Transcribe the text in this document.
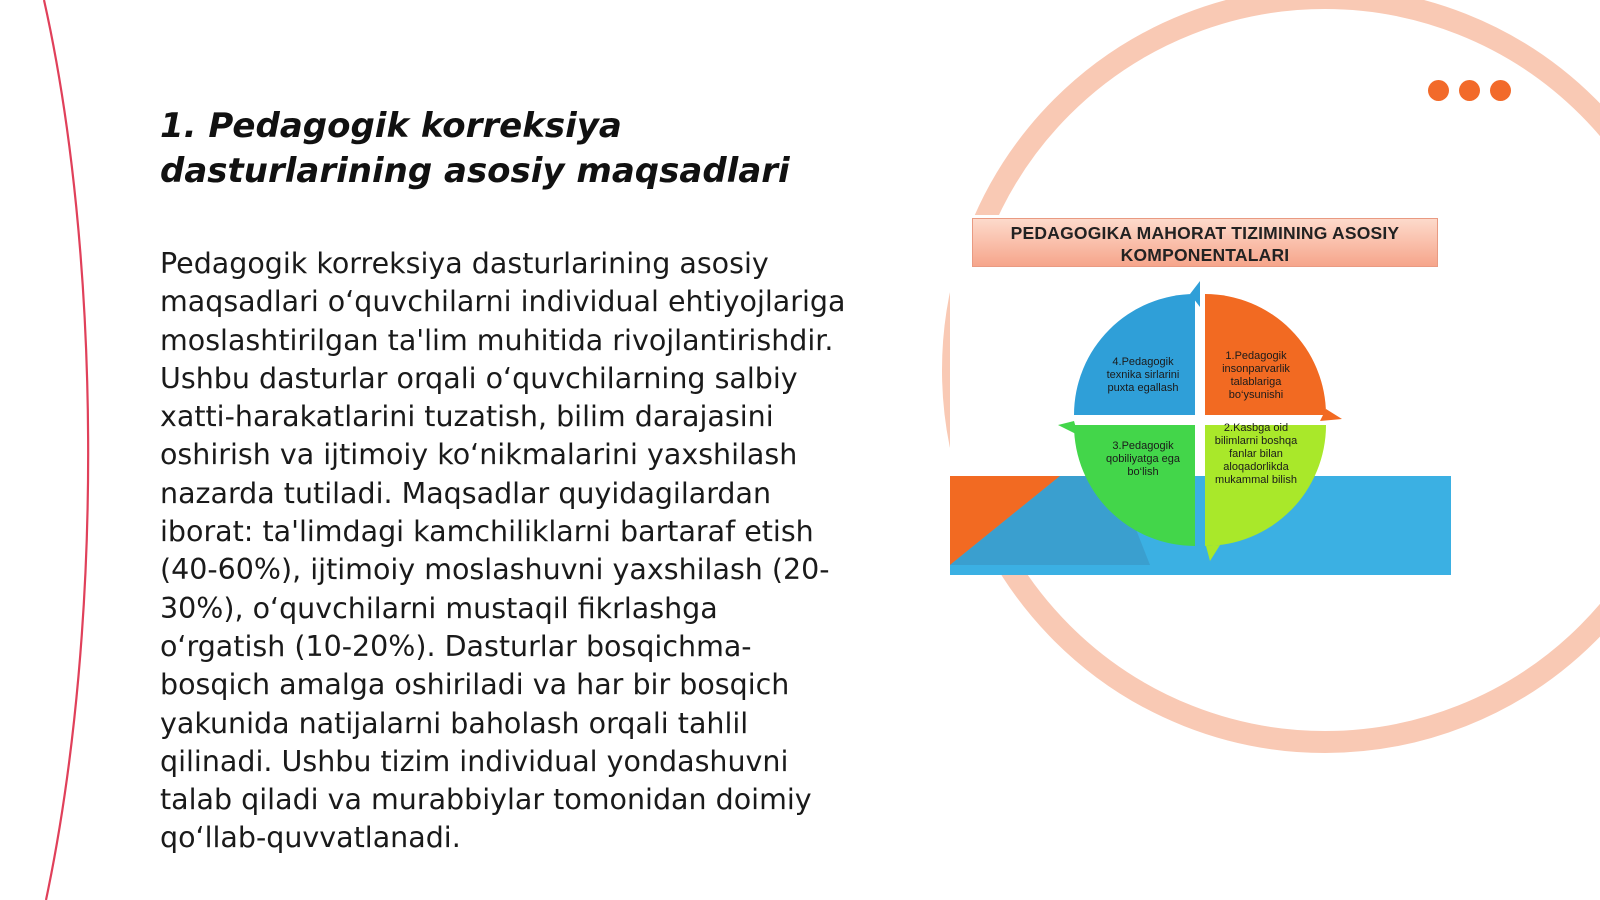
1. Pedagogik korreksiya dasturlarining asosiy maqsadlari

Pedagogik korreksiya dasturlarining asosiy maqsadlari o‘quvchilarni individual ehtiyojlariga moslashtirilgan ta'lim muhitida rivojlantirishdir. Ushbu dasturlar orqali o‘quvchilarning salbiy xatti-harakatlarini tuzatish, bilim darajasini oshirish va ijtimoiy ko‘nikmalarini yaxshilash nazarda tutiladi. Maqsadlar quyidagilardan iborat: ta'limdagi kamchiliklarni bartaraf etish (40-60%), ijtimoiy moslashuvni yaxshilash (20-30%), o‘quvchilarni mustaqil fikrlashga o‘rgatish (10-20%). Dasturlar bosqichma-bosqich amalga oshiriladi va har bir bosqich yakunida natijalarni baholash orqali tahlil qilinadi. Ushbu tizim individual yondashuvni talab qiladi va murabbiylar tomonidan doimiy qo‘llab-quvvatlanadi.

PEDAGOGIKA MAHORAT TIZIMINING ASOSIY KOMPONENTALARI
4.Pedagogik texnika sirlarini puxta egallash
1.Pedagogik insonparvarlik talablariga bo‘ysunishi
3.Pedagogik qobiliyatga ega bo‘lish
2.Kasbga oid bilimlarni boshqa fanlar bilan aloqadorlikda mukammal bilish
